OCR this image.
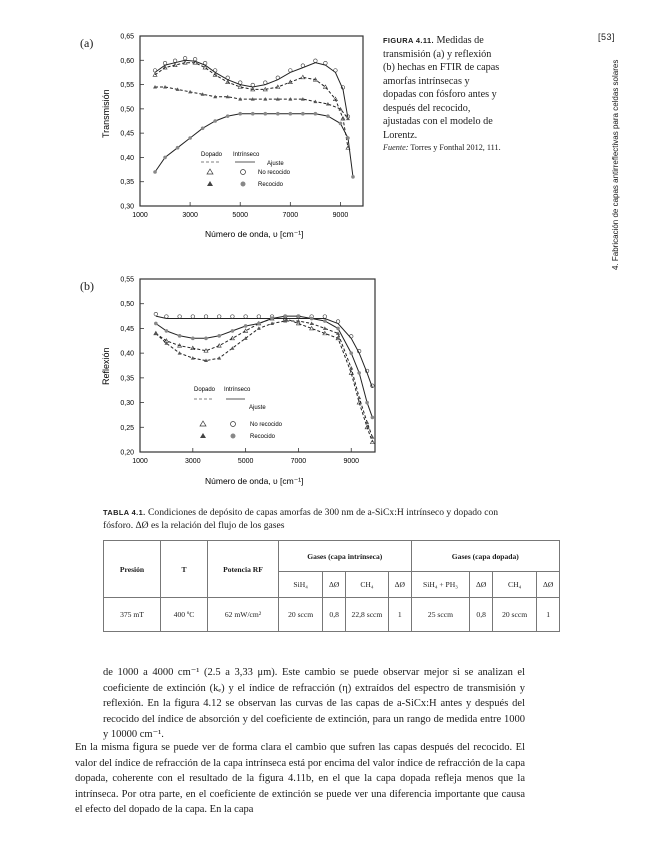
[53]
4. Fabricación de capas antirreflectivas para celdas solares
(a)
(b)
0,30
0,35
0,40
0,45
0,50
0,55
0,60
0,65
1000	3000	5000	7000	9000
Transmisión
Número de onda, υ [cm⁻¹]
Dopado Intrínseco
Ajuste
No recocido
Recocido
FIGURA 4.11. Medidas de transmisión (a) y reflexión (b) hechas en FTIR de capas amorfas intrínsecas y dopadas con fósforo antes y después del recocido, ajustadas con el modelo de Lorentz.
Fuente: Torres y Fonthal 2012, 111.
0,20
0,25
0,30
0,35
0,40
0,45
0,50
0,55
1000	3000	5000	7000	9000
Reflexión
Número de onda, υ [cm⁻¹]
Dopado Intrínseco
Ajuste
No recocido
Recocido
TABLA 4.1. Condiciones de depósito de capas amorfas de 300 nm de a-SiCx:H intrínseco y dopado con fósforo. ΔØ es la relación del flujo de los gases
Presión	T	Potencia RF	Gases (capa intrínseca)				Gases (capa dopada)			
			SiH₄	ΔØ	CH₄	ΔØ	SiH₄ + PH₃	ΔØ	CH₄	ΔØ
375 mT	400 ºC	62 mW/cm²	20 sccm	0,8	22,8 sccm	1	25 sccm	0,8	20 sccm	1

de 1000 a 4000 cm⁻¹ (2.5 a 3,33 μm). Este cambio se puede observar mejor si se analizan el coeficiente de extinción (kₑ) y el índice de refracción (η) extraídos del espectro de transmisión y reflexión. En la figura 4.12 se observan las curvas de las capas de a-SiCx:H antes y después del recocido del índice de absorción y del coeficiente de extinción, para un rango de medida entre 1000 y 10000 cm⁻¹.

En la misma figura se puede ver de forma clara el cambio que sufren las capas después del recocido. El valor del índice de refracción de la capa intrínseca está por encima del valor índice de refracción de la capa dopada, coherente con el resultado de la figura 4.11b, en el que la capa dopada refleja menos que la intrínseca. Por otra parte, en el coeficiente de extinción se puede ver una diferencia importante que causa el efecto del dopado de la capa. En la capa
